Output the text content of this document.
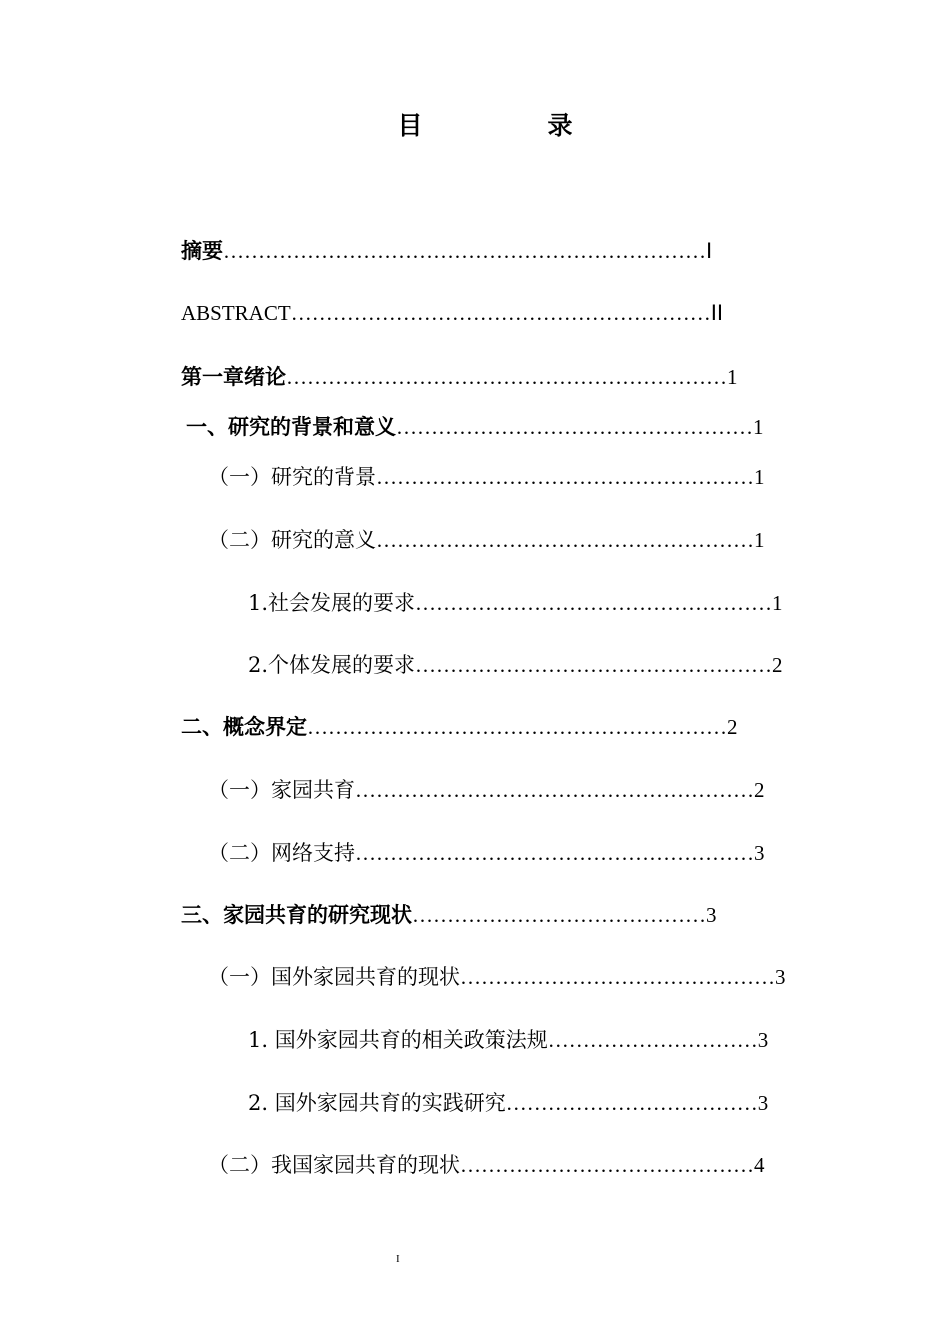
目　录
摘要……………………………………………………………Ⅰ
ABSTRACT……………………………………………………ⅠⅠ
第一章绪论………………………………………………………1
一、研究的背景和意义……………………………………………1
（一）研究的背景………………………………………………1
（二）研究的意义………………………………………………1
1.社会发展的要求……………………………………………1
2.个体发展的要求……………………………………………2
二、概念界定……………………………………………………2
（一）家园共育…………………………………………………2
（二）网络支持…………………………………………………3
三、家园共育的研究现状……………………………………3
（一）国外家园共育的现状………………………………………3
1. 国外家园共育的相关政策法规…………………………3
2. 国外家园共育的实践研究………………………………3
（二）我国家园共育的现状……………………………………4
I
